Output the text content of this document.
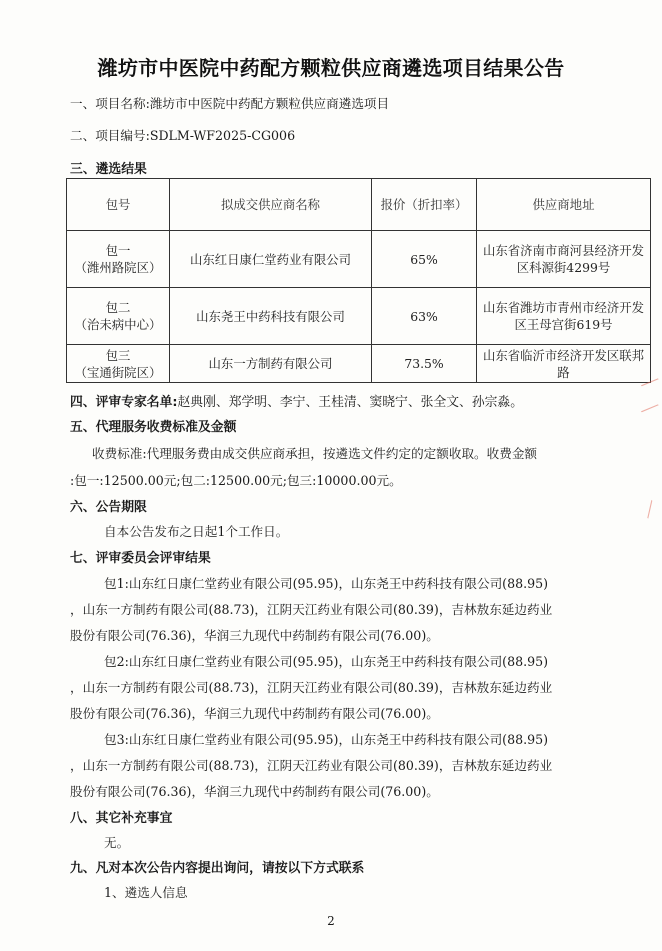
潍坊市中医院中药配方颗粒供应商遴选项目结果公告
一、项目名称:潍坊市中医院中药配方颗粒供应商遴选项目
二、项目编号:SDLM-WF2025-CG006
三、遴选结果
包号	拟成交供应商名称	报价（折扣率）	供应商地址

包一
（潍州路院区）	山东红日康仁堂药业有限公司	65%	山东省济南市商河县经济开发区科源街4299号

包二
（治未病中心）	山东尧王中药科技有限公司	63%	山东省潍坊市青州市经济开发区王母宫街619号

包三
（宝通街院区）	山东一方制药有限公司	73.5%	山东省临沂市经济开发区联邦路
四、评审专家名单:赵典刚、郑学明、李宁、王桂清、窦晓宁、张全文、孙宗淼。
五、代理服务收费标准及金额
收费标准:代理服务费由成交供应商承担，按遴选文件约定的定额收取。收费金额
:包一:12500.00元;包二:12500.00元;包三:10000.00元。
六、公告期限
自本公告发布之日起1个工作日。
七、评审委员会评审结果
包1:山东红日康仁堂药业有限公司(95.95)，山东尧王中药科技有限公司(88.95)
，山东一方制药有限公司(88.73)，江阴天江药业有限公司(80.39)，吉林敖东延边药业
股份有限公司(76.36)，华润三九现代中药制药有限公司(76.00)。
包2:山东红日康仁堂药业有限公司(95.95)，山东尧王中药科技有限公司(88.95)
，山东一方制药有限公司(88.73)，江阴天江药业有限公司(80.39)，吉林敖东延边药业
股份有限公司(76.36)，华润三九现代中药制药有限公司(76.00)。
包3:山东红日康仁堂药业有限公司(95.95)，山东尧王中药科技有限公司(88.95)
，山东一方制药有限公司(88.73)，江阴天江药业有限公司(80.39)，吉林敖东延边药业
股份有限公司(76.36)，华润三九现代中药制药有限公司(76.00)。
八、其它补充事宜
无。
九、凡对本次公告内容提出询问，请按以下方式联系
1、遴选人信息
2
╱
╱
╲
